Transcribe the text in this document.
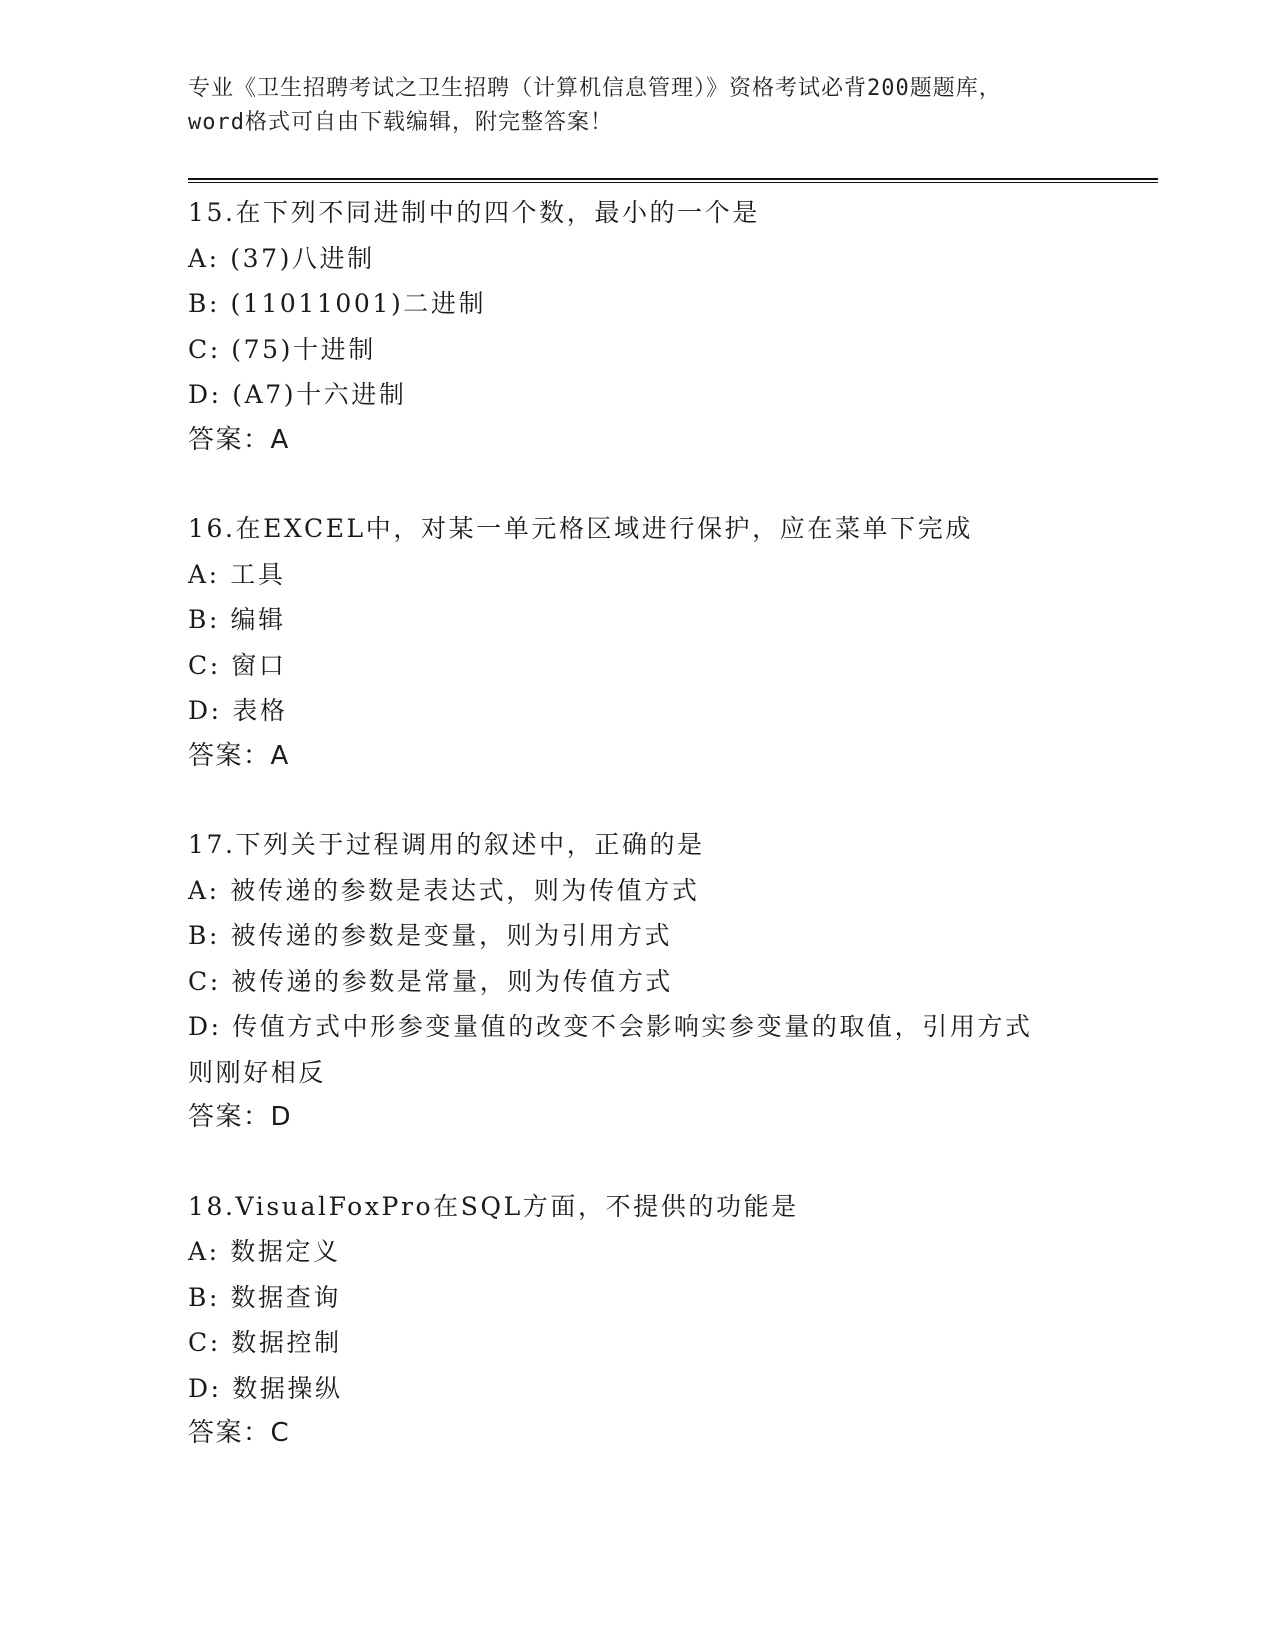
专业《卫生招聘考试之卫生招聘（计算机信息管理）》资格考试必背200题题库，
word格式可自由下载编辑，附完整答案！
15.在下列不同进制中的四个数，最小的一个是
A: (37)八进制
B: (11011001)二进制
C: (75)十进制
D: (A7)十六进制
答案：A
16.在EXCEL中，对某一单元格区域进行保护，应在菜单下完成
A: 工具
B: 编辑
C: 窗口
D: 表格
答案：A
17.下列关于过程调用的叙述中，正确的是
A: 被传递的参数是表达式，则为传值方式
B: 被传递的参数是变量，则为引用方式
C: 被传递的参数是常量，则为传值方式
D: 传值方式中形参变量值的改变不会影响实参变量的取值，引用方式
则刚好相反
答案：D
18.VisualFoxPro在SQL方面，不提供的功能是
A: 数据定义
B: 数据查询
C: 数据控制
D: 数据操纵
答案：C
